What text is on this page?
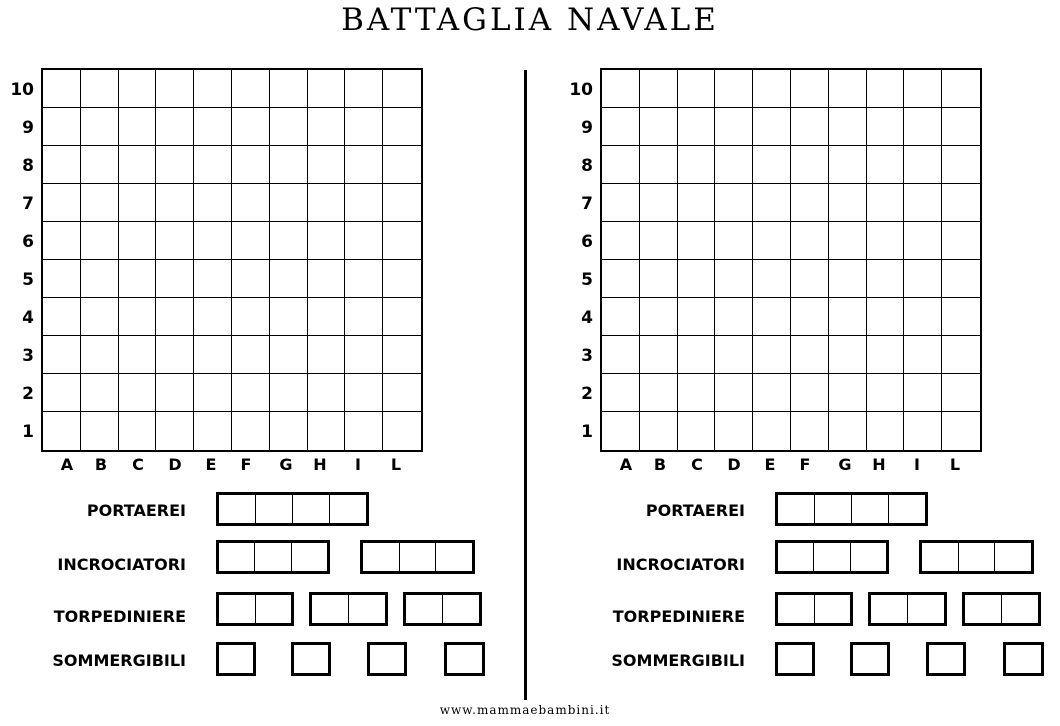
BATTAGLIA NAVALE
www.mammaebambini.it
10
9
8
7
6
5
4
3
2
1
A B C D E F G H	I	L
PORTAEREI
INCROCIATORI
TORPEDINIERE
SOMMERGIBILI
10
9
8
7
6
5
4
3
2
1
A B C D E F G H	I	L
PORTAEREI
INCROCIATORI
TORPEDINIERE
SOMMERGIBILI
